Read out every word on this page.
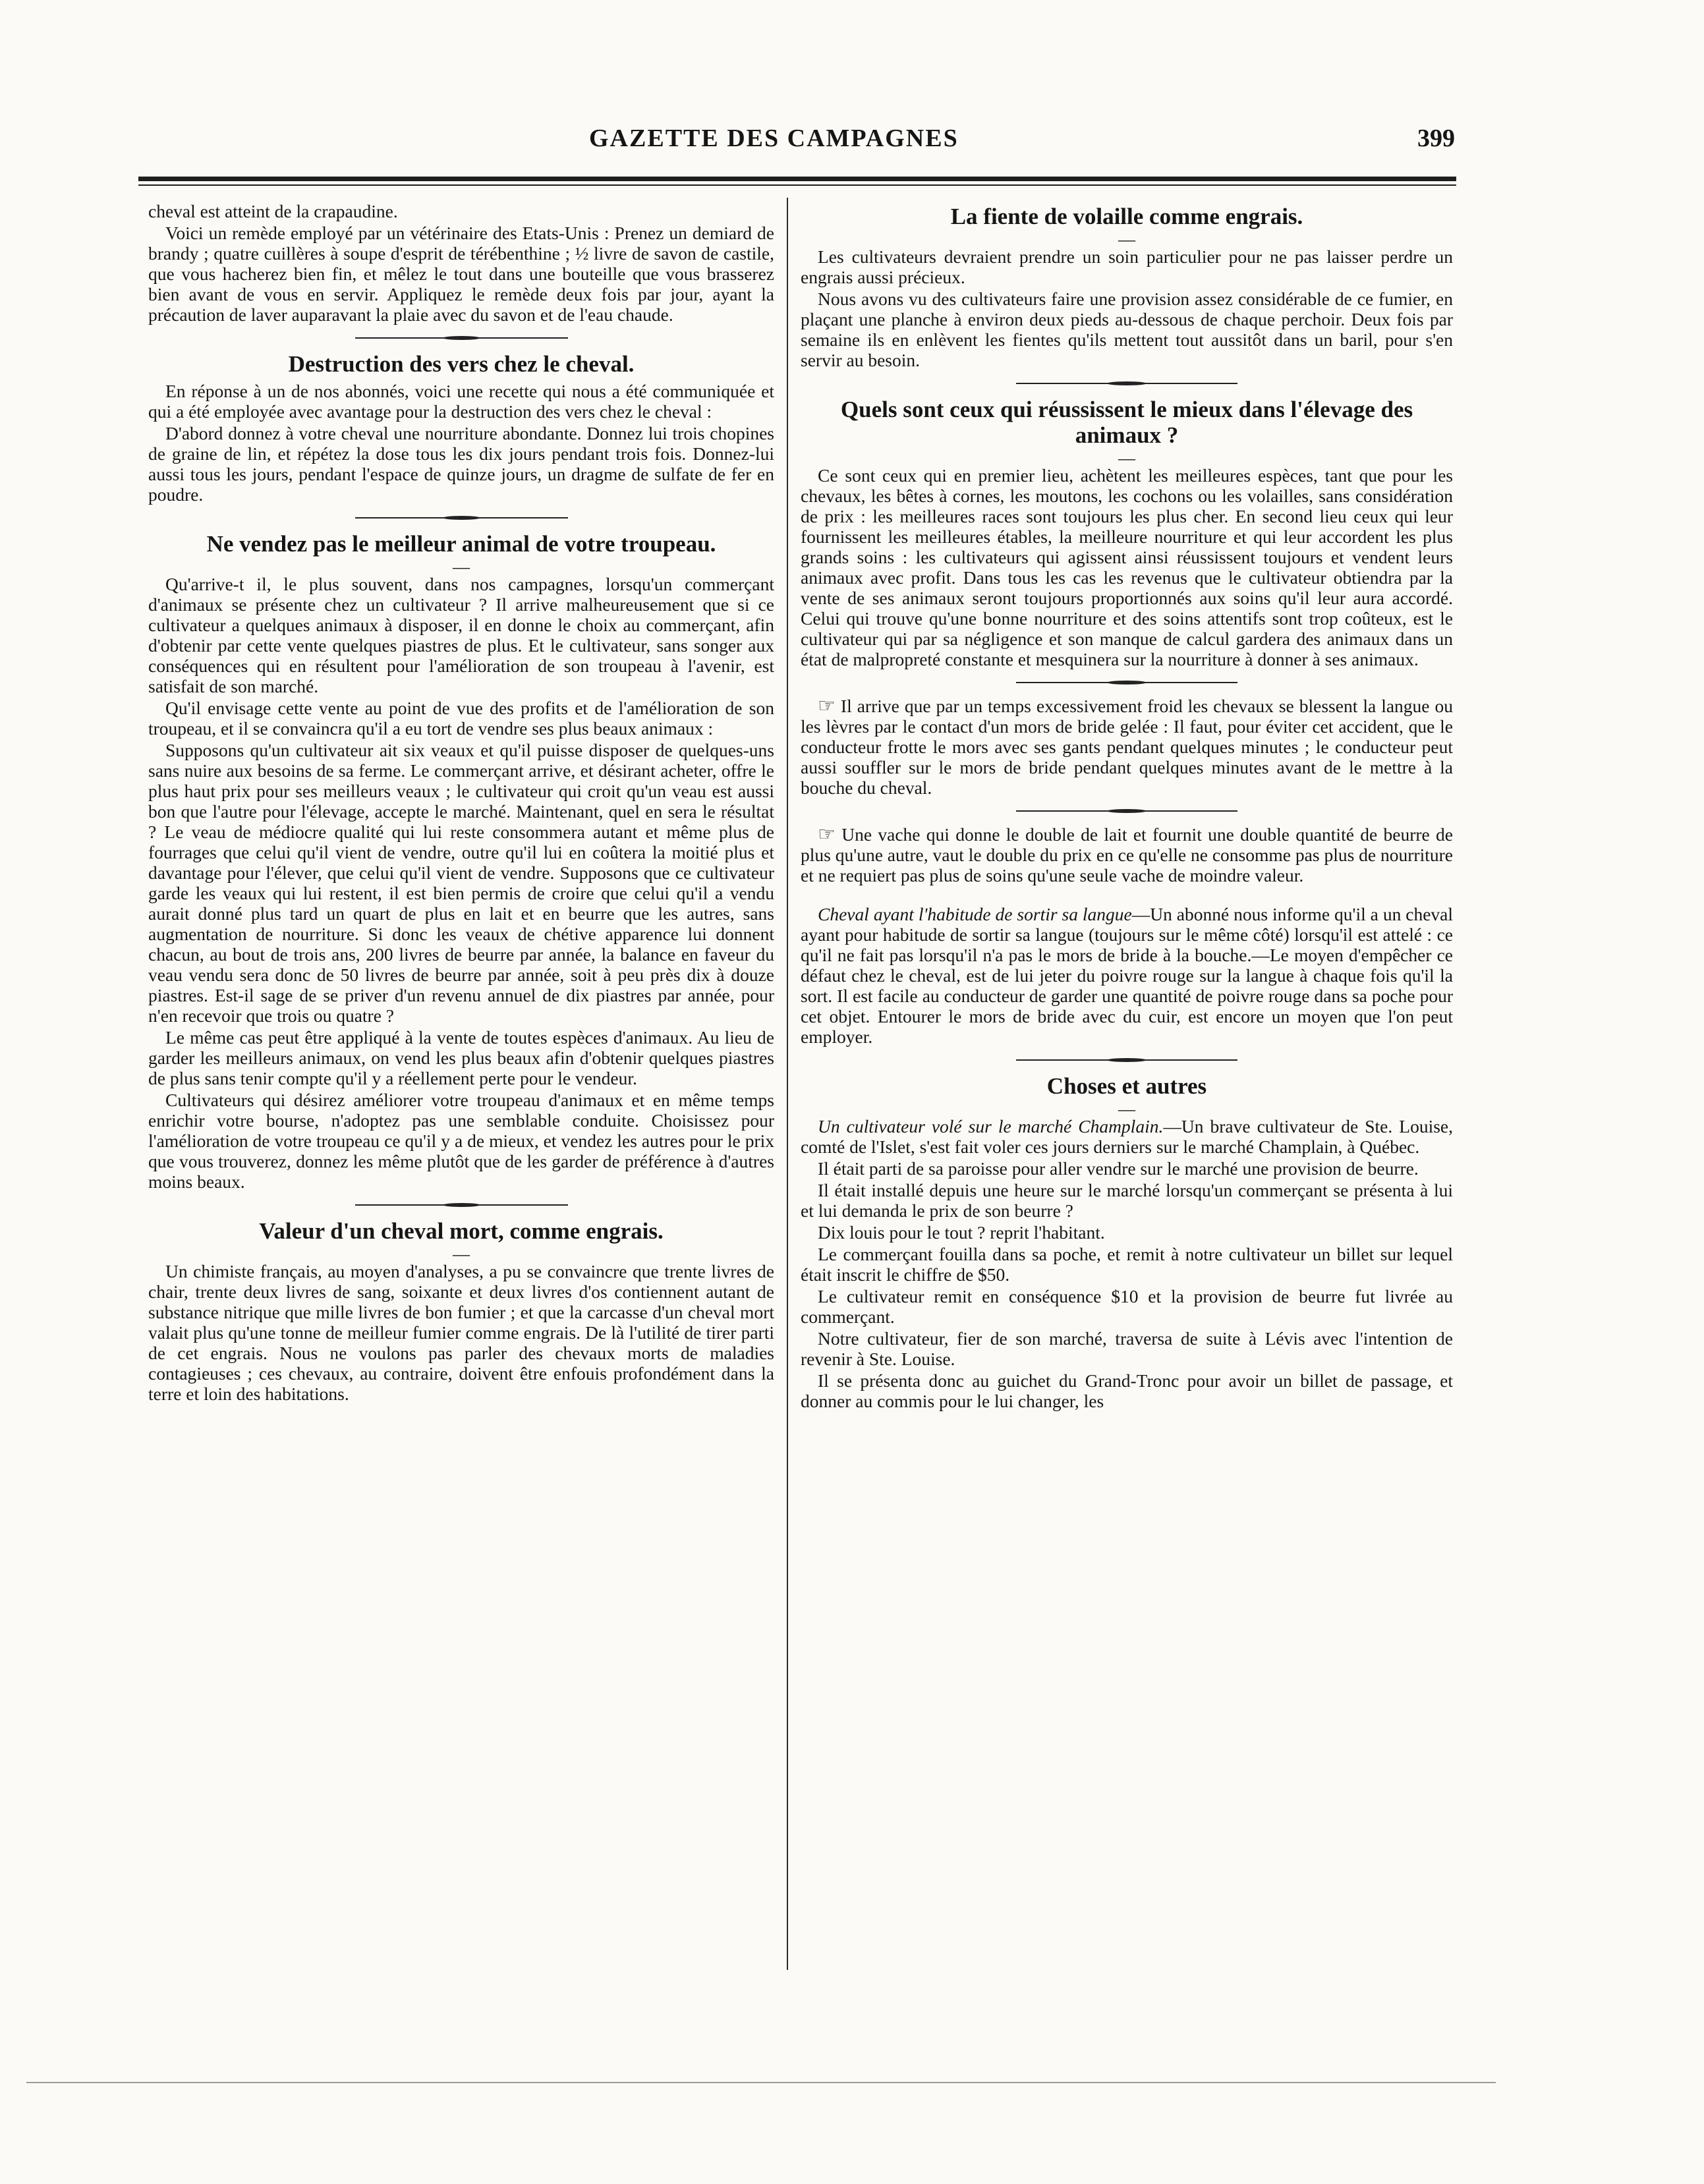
GAZETTE DES CAMPAGNES	399

cheval est atteint de la crapaudine.

Voici un remède employé par un vétérinaire des Etats-Unis : Prenez un demiard de brandy ; quatre cuillères à soupe d'esprit de térébenthine ; ½ livre de savon de castile, que vous hacherez bien fin, et mêlez le tout dans une bouteille que vous brasserez bien avant de vous en servir. Appliquez le remède deux fois par jour, ayant la précaution de laver auparavant la plaie avec du savon et de l'eau chaude.

Destruction des vers chez le cheval.

En réponse à un de nos abonnés, voici une recette qui nous a été communiquée et qui a été employée avec avantage pour la destruction des vers chez le cheval :

D'abord donnez à votre cheval une nourriture abondante. Donnez lui trois chopines de graine de lin, et répétez la dose tous les dix jours pendant trois fois. Donnez-lui aussi tous les jours, pendant l'espace de quinze jours, un dragme de sulfate de fer en poudre.

Ne vendez pas le meilleur animal de votre troupeau.
—

Qu'arrive-t il, le plus souvent, dans nos campagnes, lorsqu'un commerçant d'animaux se présente chez un cultivateur ? Il arrive malheureusement que si ce cultivateur a quelques animaux à disposer, il en donne le choix au commerçant, afin d'obtenir par cette vente quelques piastres de plus. Et le cultivateur, sans songer aux conséquences qui en résultent pour l'amélioration de son troupeau à l'avenir, est satisfait de son marché.

Qu'il envisage cette vente au point de vue des profits et de l'amélioration de son troupeau, et il se convaincra qu'il a eu tort de vendre ses plus beaux animaux :

Supposons qu'un cultivateur ait six veaux et qu'il puisse disposer de quelques-uns sans nuire aux besoins de sa ferme. Le commerçant arrive, et désirant acheter, offre le plus haut prix pour ses meilleurs veaux ; le cultivateur qui croit qu'un veau est aussi bon que l'autre pour l'élevage, accepte le marché. Maintenant, quel en sera le résultat ? Le veau de médiocre qualité qui lui reste consommera autant et même plus de fourrages que celui qu'il vient de vendre, outre qu'il lui en coûtera la moitié plus et davantage pour l'élever, que celui qu'il vient de vendre. Supposons que ce cultivateur garde les veaux qui lui restent, il est bien permis de croire que celui qu'il a vendu aurait donné plus tard un quart de plus en lait et en beurre que les autres, sans augmentation de nourriture. Si donc les veaux de chétive apparence lui donnent chacun, au bout de trois ans, 200 livres de beurre par année, la balance en faveur du veau vendu sera donc de 50 livres de beurre par année, soit à peu près dix à douze piastres. Est-il sage de se priver d'un revenu annuel de dix piastres par année, pour n'en recevoir que trois ou quatre ?

Le même cas peut être appliqué à la vente de toutes espèces d'animaux. Au lieu de garder les meilleurs animaux, on vend les plus beaux afin d'obtenir quelques piastres de plus sans tenir compte qu'il y a réellement perte pour le vendeur.

Cultivateurs qui désirez améliorer votre troupeau d'animaux et en même temps enrichir votre bourse, n'adoptez pas une semblable conduite. Choisissez pour l'amélioration de votre troupeau ce qu'il y a de mieux, et vendez les autres pour le prix que vous trouverez, donnez les même plutôt que de les garder de préférence à d'autres moins beaux.

Valeur d'un cheval mort, comme engrais.
—

Un chimiste français, au moyen d'analyses, a pu se convaincre que trente livres de chair, trente deux livres de sang, soixante et deux livres d'os contiennent autant de substance nitrique que mille livres de bon fumier ; et que la carcasse d'un cheval mort valait plus qu'une tonne de meilleur fumier comme engrais. De là l'utilité de tirer parti de cet engrais. Nous ne voulons pas parler des chevaux morts de maladies contagieuses ; ces chevaux, au contraire, doivent être enfouis profondément dans la terre et loin des habitations.

La fiente de volaille comme engrais.
—

Les cultivateurs devraient prendre un soin particulier pour ne pas laisser perdre un engrais aussi précieux.

Nous avons vu des cultivateurs faire une provision assez considérable de ce fumier, en plaçant une planche à environ deux pieds au-dessous de chaque perchoir. Deux fois par semaine ils en enlèvent les fientes qu'ils mettent tout aussitôt dans un baril, pour s'en servir au besoin.

Quels sont ceux qui réussissent le mieux dans l'élevage des animaux ?
—

Ce sont ceux qui en premier lieu, achètent les meilleures espèces, tant que pour les chevaux, les bêtes à cornes, les moutons, les cochons ou les volailles, sans considération de prix : les meilleures races sont toujours les plus cher. En second lieu ceux qui leur fournissent les meilleures étables, la meilleure nourriture et qui leur accordent les plus grands soins : les cultivateurs qui agissent ainsi réussissent toujours et vendent leurs animaux avec profit. Dans tous les cas les revenus que le cultivateur obtiendra par la vente de ses animaux seront toujours proportionnés aux soins qu'il leur aura accordé. Celui qui trouve qu'une bonne nourriture et des soins attentifs sont trop coûteux, est le cultivateur qui par sa négligence et son manque de calcul gardera des animaux dans un état de malpropreté constante et mesquinera sur la nourriture à donner à ses animaux.

☞ Il arrive que par un temps excessivement froid les chevaux se blessent la langue ou les lèvres par le contact d'un mors de bride gelée : Il faut, pour éviter cet accident, que le conducteur frotte le mors avec ses gants pendant quelques minutes ; le conducteur peut aussi souffler sur le mors de bride pendant quelques minutes avant de le mettre à la bouche du cheval.

☞ Une vache qui donne le double de lait et fournit une double quantité de beurre de plus qu'une autre, vaut le double du prix en ce qu'elle ne consomme pas plus de nourriture et ne requiert pas plus de soins qu'une seule vache de moindre valeur.

Cheval ayant l'habitude de sortir sa langue—Un abonné nous informe qu'il a un cheval ayant pour habitude de sortir sa langue (toujours sur le même côté) lorsqu'il est attelé : ce qu'il ne fait pas lorsqu'il n'a pas le mors de bride à la bouche.—Le moyen d'empêcher ce défaut chez le cheval, est de lui jeter du poivre rouge sur la langue à chaque fois qu'il la sort. Il est facile au conducteur de garder une quantité de poivre rouge dans sa poche pour cet objet. Entourer le mors de bride avec du cuir, est encore un moyen que l'on peut employer.

Choses et autres
—

Un cultivateur volé sur le marché Champlain.—Un brave cultivateur de Ste. Louise, comté de l'Islet, s'est fait voler ces jours derniers sur le marché Champlain, à Québec.

Il était parti de sa paroisse pour aller vendre sur le marché une provision de beurre.

Il était installé depuis une heure sur le marché lorsqu'un commerçant se présenta à lui et lui demanda le prix de son beurre ?

Dix louis pour le tout ? reprit l'habitant.

Le commerçant fouilla dans sa poche, et remit à notre cultivateur un billet sur lequel était inscrit le chiffre de $50.

Le cultivateur remit en conséquence $10 et la provision de beurre fut livrée au commerçant.

Notre cultivateur, fier de son marché, traversa de suite à Lévis avec l'intention de revenir à Ste. Louise.

Il se présenta donc au guichet du Grand-Tronc pour avoir un billet de passage, et donner au commis pour le lui changer, les
